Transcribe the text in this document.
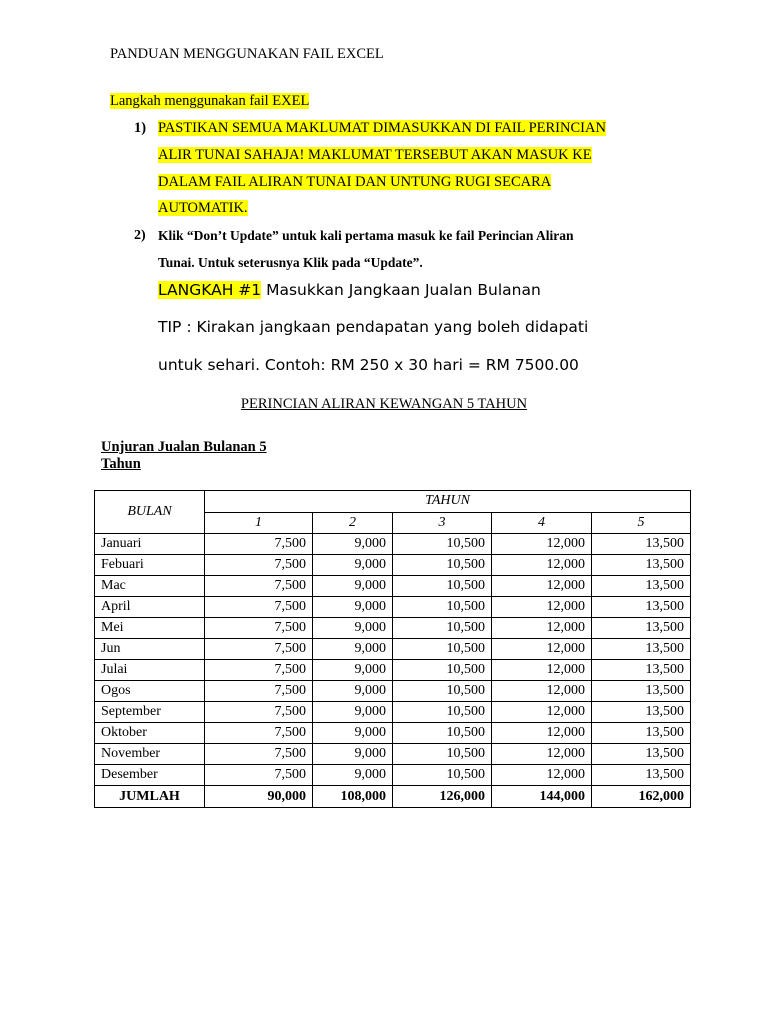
PANDUAN MENGGUNAKAN FAIL EXCEL
Langkah menggunakan fail EXEL
1) PASTIKAN SEMUA MAKLUMAT DIMASUKKAN DI FAIL PERINCIAN
ALIR TUNAI SAHAJA! MAKLUMAT TERSEBUT AKAN MASUK KE
DALAM FAIL ALIRAN TUNAI DAN UNTUNG RUGI SECARA
AUTOMATIK.
2) Klik “Don’t Update” untuk kali pertama masuk ke fail Perincian Aliran
Tunai. Untuk seterusnya Klik pada “Update”.
LANGKAH #1 Masukkan Jangkaan Jualan Bulanan
TIP : Kirakan jangkaan pendapatan yang boleh didapati
untuk sehari. Contoh: RM 250 x 30 hari = RM 7500.00
PERINCIAN ALIRAN KEWANGAN 5 TAHUN
Unjuran Jualan Bulanan 5
Tahun
BULAN	TAHUN				
	1	2	3	4	5
Januari	7,500	9,000	10,500	12,000	13,500
Febuari	7,500	9,000	10,500	12,000	13,500
Mac	7,500	9,000	10,500	12,000	13,500
April	7,500	9,000	10,500	12,000	13,500
Mei	7,500	9,000	10,500	12,000	13,500
Jun	7,500	9,000	10,500	12,000	13,500
Julai	7,500	9,000	10,500	12,000	13,500
Ogos	7,500	9,000	10,500	12,000	13,500
September	7,500	9,000	10,500	12,000	13,500
Oktober	7,500	9,000	10,500	12,000	13,500
November	7,500	9,000	10,500	12,000	13,500
Desember	7,500	9,000	10,500	12,000	13,500
JUMLAH	90,000	108,000	126,000	144,000	162,000
